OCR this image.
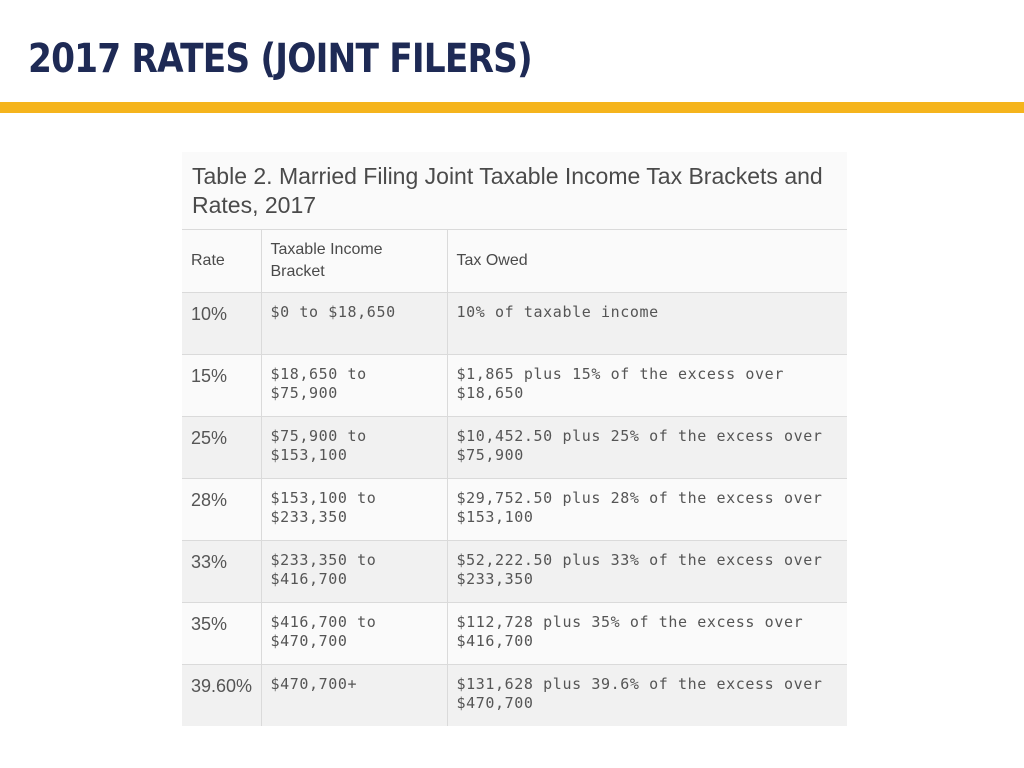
2017 RATES (JOINT FILERS)
Table 2. Married Filing Joint Taxable Income Tax Brackets and Rates, 2017
Rate	Taxable Income Bracket	Tax Owed
10%	$0 to $18,650	10% of taxable income
15%	$18,650 to $75,900	$1,865 plus 15% of the excess over $18,650
25%	$75,900 to $153,100	$10,452.50 plus 25% of the excess over $75,900
28%	$153,100 to $233,350	$29,752.50 plus 28% of the excess over $153,100
33%	$233,350 to $416,700	$52,222.50 plus 33% of the excess over $233,350
35%	$416,700 to $470,700	$112,728 plus 35% of the excess over $416,700
39.60%	$470,700+	$131,628 plus 39.6% of the excess over $470,700
